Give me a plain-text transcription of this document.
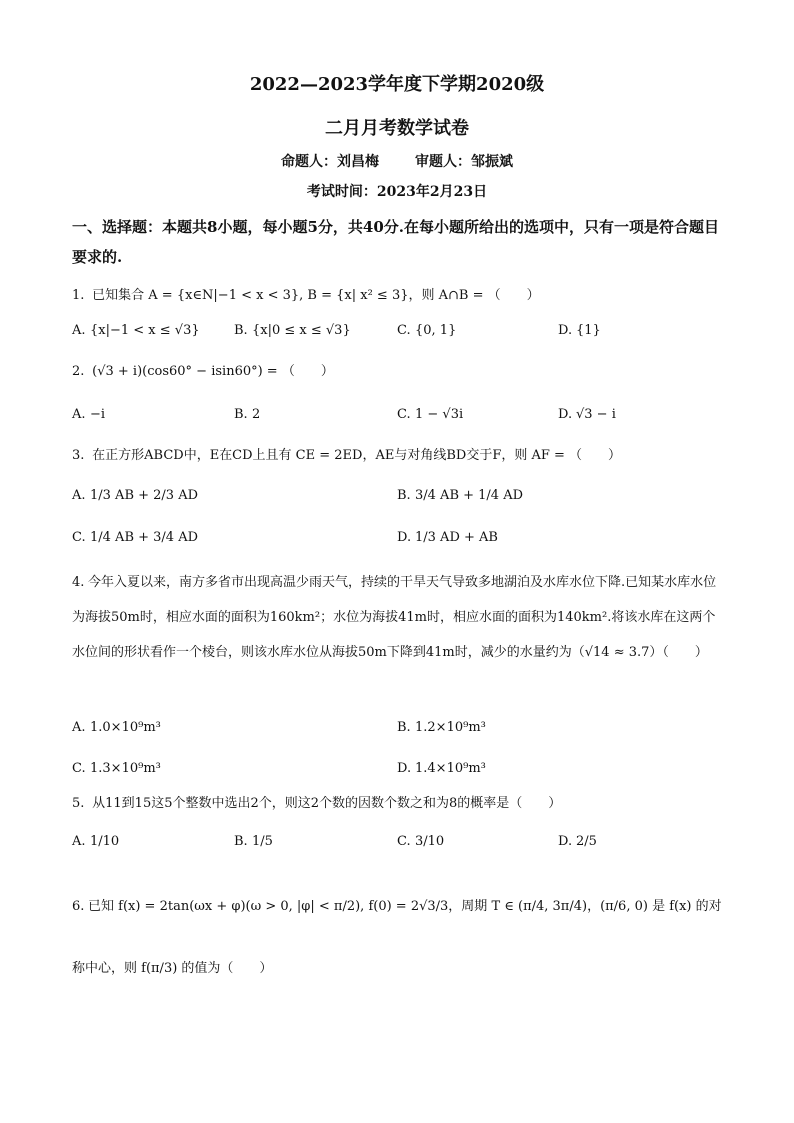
2022—2023学年度下学期2020级
二月月考数学试卷
命题人：刘昌梅	审题人：邹振斌
考试时间：2023年2月23日
一、选择题：本题共8小题，每小题5分，共40分.在每小题所给出的选项中，只有一项是符合题目要求的.
1. 已知集合 A = {x∈N|−1 < x < 3}, B = {x| x² ≤ 3}，则 A∩B = （　　）
A. {x|−1 < x ≤ √3}	B. {x|0 ≤ x ≤ √3}	C. {0, 1}	D. {1}
2. (√3 + i)(cos60° − isin60°) = （　　）
A. −i	B. 2	C. 1 − √3i	D. √3 − i
3. 在正方形ABCD中，E在CD上且有 CE = 2ED，AE与对角线BD交于F，则 AF = （　　）
A. 1/3 AB + 2/3 AD	B. 3/4 AB + 1/4 AD
C. 1/4 AB + 3/4 AD	D. 1/3 AD + AB
4. 今年入夏以来，南方多省市出现高温少雨天气，持续的干旱天气导致多地湖泊及水库水位下降.已知某水库水位为海拔50m时，相应水面的面积为160km²；水位为海拔41m时，相应水面的面积为140km².将该水库在这两个水位间的形状看作一个棱台，则该水库水位从海拔50m下降到41m时，减少的水量约为（√14 ≈ 3.7）（　　）
A. 1.0×10⁹m³	B. 1.2×10⁹m³
C. 1.3×10⁹m³	D. 1.4×10⁹m³
5. 从11到15这5个整数中选出2个，则这2个数的因数个数之和为8的概率是（　　）
A. 1/10	B. 1/5	C. 3/10	D. 2/5
6. 已知 f(x) = 2tan(ωx + φ)(ω > 0, |φ| < π/2), f(0) = 2√3/3，周期 T ∈ (π/4, 3π/4)，(π/6, 0) 是 f(x) 的对称中心，则 f(π/3) 的值为（　　）
